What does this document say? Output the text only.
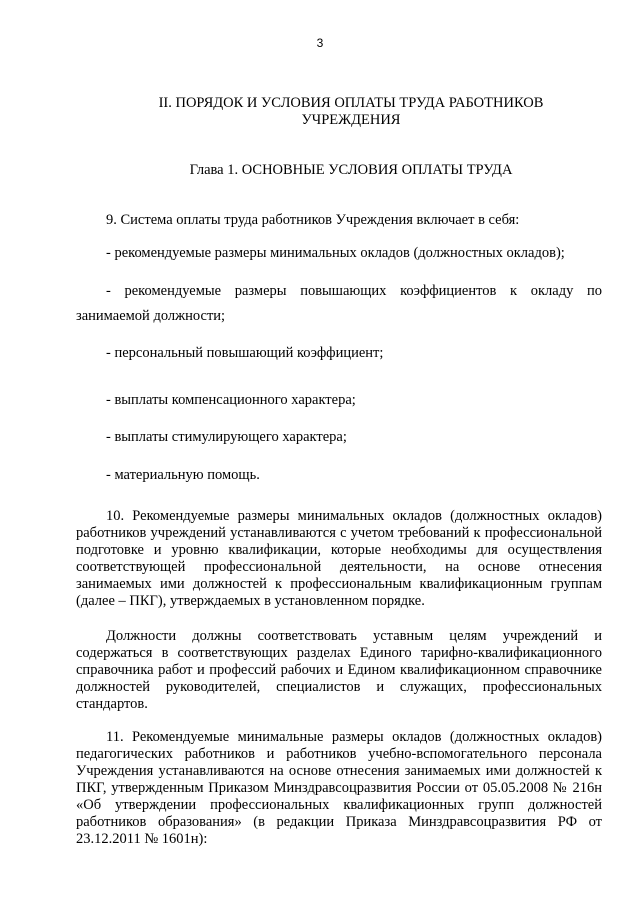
3
II. ПОРЯДОК И УСЛОВИЯ ОПЛАТЫ ТРУДА РАБОТНИКОВ УЧРЕЖДЕНИЯ
Глава 1. ОСНОВНЫЕ УСЛОВИЯ ОПЛАТЫ ТРУДА

9. Система оплаты труда работников Учреждения включает в себя:

- рекомендуемые размеры минимальных окладов (должностных окладов);

- рекомендуемые размеры повышающих коэффициентов к окладу по

занимаемой должности;

- персональный повышающий коэффициент;

- выплаты компенсационного характера;

- выплаты стимулирующего характера;

- материальную помощь.

10. Рекомендуемые размеры минимальных окладов (должностных окладов) работников учреждений устанавливаются с учетом требований к профессиональной подготовке и уровню квалификации, которые необходимы для осуществления соответствующей профессиональной деятельности, на основе отнесения занимаемых ими должностей к профессиональным квалификационным группам (далее – ПКГ), утверждаемых в установленном порядке.

Должности должны соответствовать уставным целям учреждений и содержаться в соответствующих разделах Единого тарифно-квалификационного справочника работ и профессий рабочих и Едином квалификационном справочнике должностей руководителей, специалистов и служащих, профессиональных стандартов.

11. Рекомендуемые минимальные размеры окладов (должностных окладов) педагогических работников и работников учебно-вспомогательного персонала Учреждения устанавливаются на основе отнесения занимаемых ими должностей к ПКГ, утвержденным Приказом Минздравсоцразвития России от 05.05.2008 № 216н «Об утверждении профессиональных квалификационных групп должностей работников образования» (в редакции Приказа Минздравсоцразвития РФ от 23.12.2011 № 1601н):
